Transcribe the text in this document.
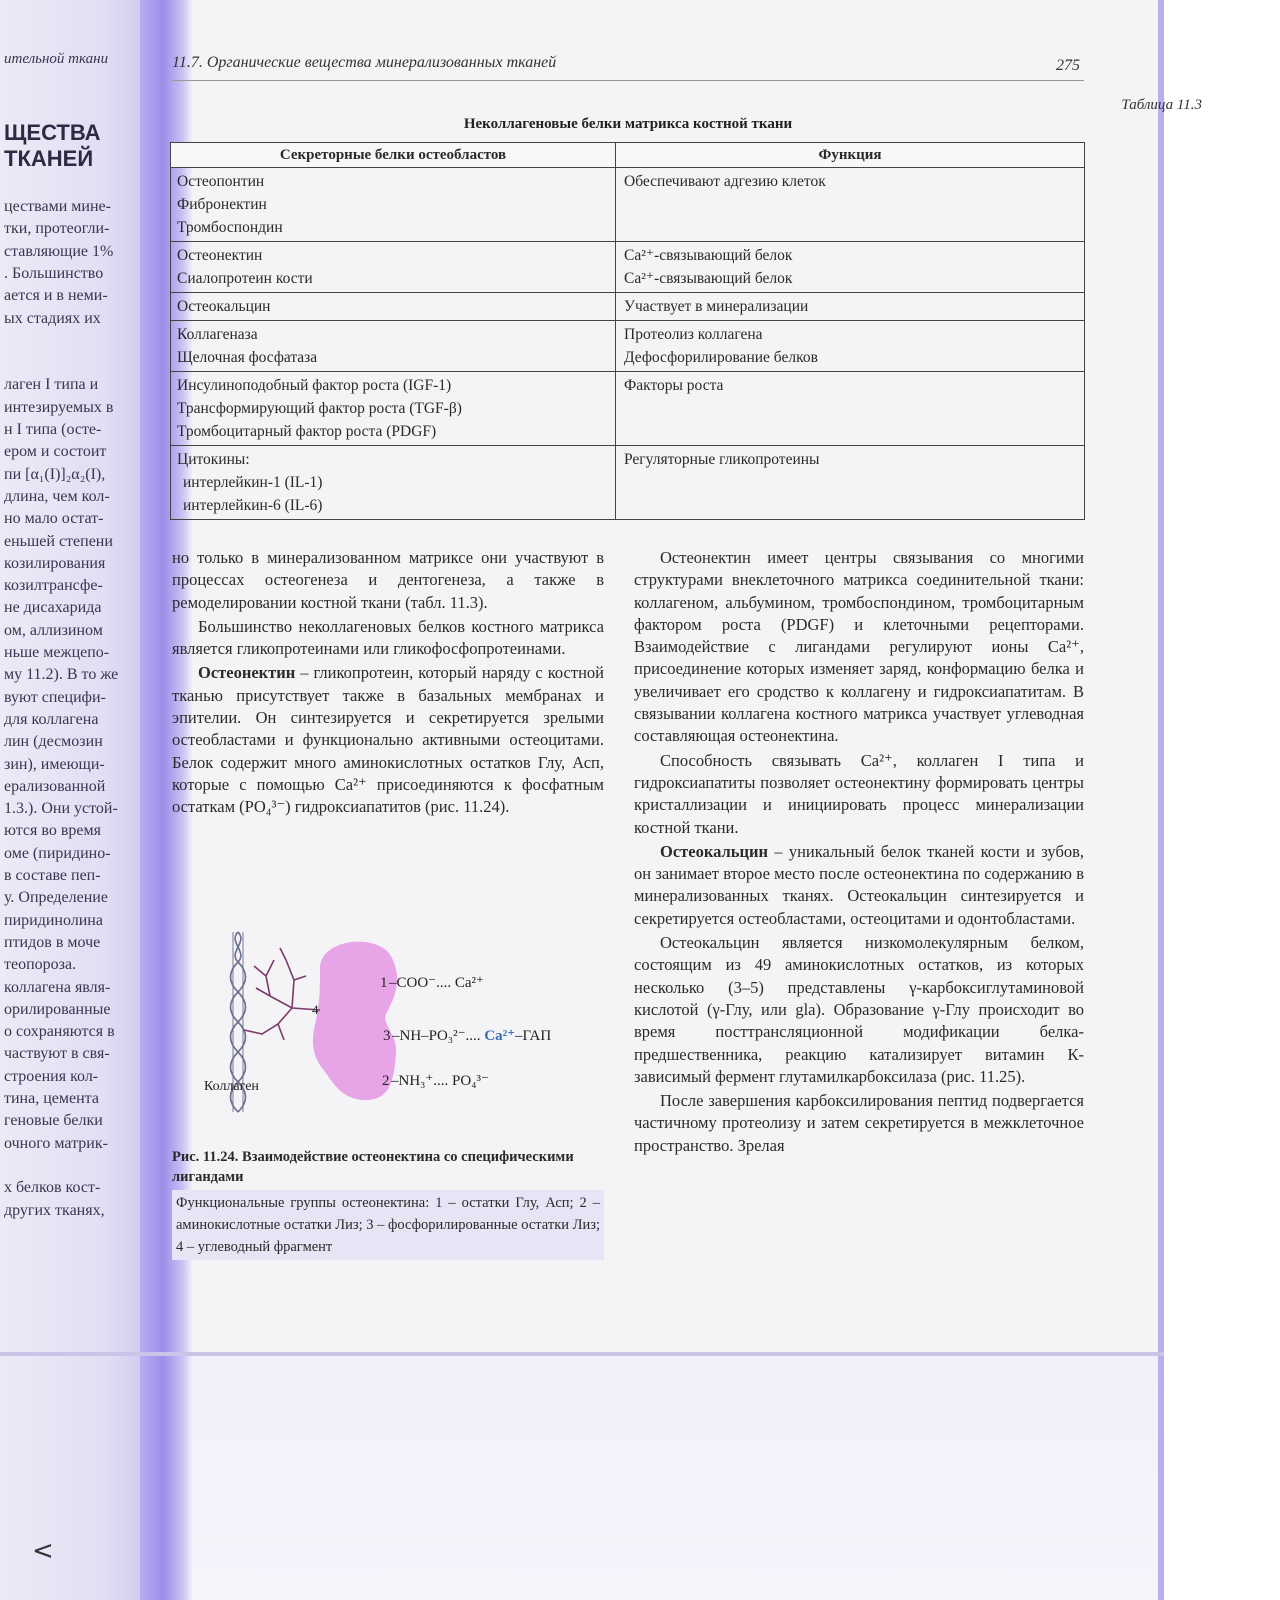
ительной ткани
ЩЕСТВА
ТКАНЕЙ
цествами мине-
тки, протеогли-
ставляющие 1%
. Большинство
ается и в неми-
ых стадиях их
лаген I типа и
интезируемых в
н I типа (осте-
ером и состоит
пи [α₁(I)]₂α₂(I),
длина, чем кол-
но мало остат-
еньшей степени
козилирования
козилтрансфе-
не дисахарида
ом, аллизином
ньше межцепо-
му 11.2). В то же
вуют специфи-
для коллагена
лин (десмозин
зин), имеющи-
ерализованной
1.3.). Они устой-
ются во время
оме (пиридино-
в составе пеп-
у. Определение
пиридинолина
птидов в моче
теопороза.
коллагена явля-
орилированные
о сохраняются в
частвуют в свя-
строения кол-
тина, цемента
геновые белки
очного матрик-
х белков кост-
других тканях,
11.7. Органические вещества минерализованных тканей	275
Таблица 11.3
Неколлагеновые белки матрикса костной ткани
Секреторные белки остеобластов	Функция

Остеопонтин
Фибронектин
Тромбоспондин	Обеспечивают адгезию клеток

Остеонектин
Сиалопротеин кости	Ca²⁺-связывающий белок
Ca²⁺-связывающий белок

Остеокальцин	Участвует в минерализации

Коллагеназа
Щелочная фосфатаза	Протеолиз коллагена
Дефосфорилирование белков

Инсулиноподобный фактор роста (IGF-1)
Трансформирующий фактор роста (TGF-β)
Тромбоцитарный фактор роста (PDGF)	Факторы роста

Цитокины:
интерлейкин-1 (IL-1)
интерлейкин-6 (IL-6)	Регуляторные гликопротеины

но только в минерализованном матриксе они участвуют в процессах остеогенеза и дентогенеза, а также в ремоделировании костной ткани (табл. 11.3).

Большинство неколлагеновых белков костного матрикса является гликопротеинами или гликофосфопротеинами.

Остеонектин – гликопротеин, который наряду с костной тканью присутствует также в базальных мембранах и эпителии. Он синтезируется и секретируется зрелыми остеобластами и функционально активными остеоцитами. Белок содержит много аминокислотных остатков Глу, Асп, которые с помощью Ca²⁺ присоединяются к фосфатным остаткам (PO₄³⁻) гидроксиапатитов (рис. 11.24).

4
1 –COO⁻.... Ca²⁺
3 –NH–PO₃²⁻.... Ca²⁺–ГАП
2 –NH₃⁺.... PO₄³⁻
Коллаген
Рис. 11.24. Взаимодействие остеонектина со специфическими лигандами
Функциональные группы остеонектина: 1 – остатки Глу, Асп; 2 – аминокислотные остатки Лиз; 3 – фосфорилированные остатки Лиз; 4 – углеводный фрагмент

Остеонектин имеет центры связывания со многими структурами внеклеточного матрикса соединительной ткани: коллагеном, альбумином, тромбоспондином, тромбоцитарным фактором роста (PDGF) и клеточными рецепторами. Взаимодействие с лигандами регулируют ионы Ca²⁺, присоединение которых изменяет заряд, конформацию белка и увеличивает его сродство к коллагену и гидроксиапатитам. В связывании коллагена костного матрикса участвует углеводная составляющая остеонектина.

Способность связывать Ca²⁺, коллаген I типа и гидроксиапатиты позволяет остеонектину формировать центры кристаллизации и инициировать процесс минерализации костной ткани.

Остеокальцин – уникальный белок тканей кости и зубов, он занимает второе место после остеонектина по содержанию в минерализованных тканях. Остеокальцин синтезируется и секретируется остеобластами, остеоцитами и одонтобластами.

Остеокальцин является низкомолекулярным белком, состоящим из 49 аминокислотных остатков, из которых несколько (3–5) представлены γ-карбоксиглутаминовой кислотой (γ-Глу, или gla). Образование γ-Глу происходит во время посттрансляционной модификации белка-предшественника, реакцию катализирует витамин К-зависимый фермент глутамилкарбоксилаза (рис. 11.25).

После завершения карбоксилирования пептид подвергается частичному протеолизу и затем секретируется в межклеточное пространство. Зрелая

<
